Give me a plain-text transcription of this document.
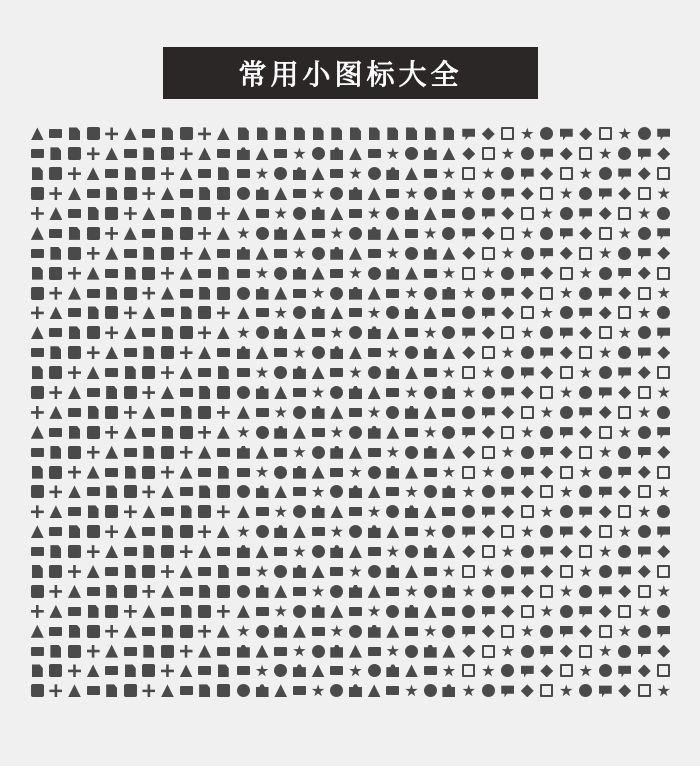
常用小图标大全
